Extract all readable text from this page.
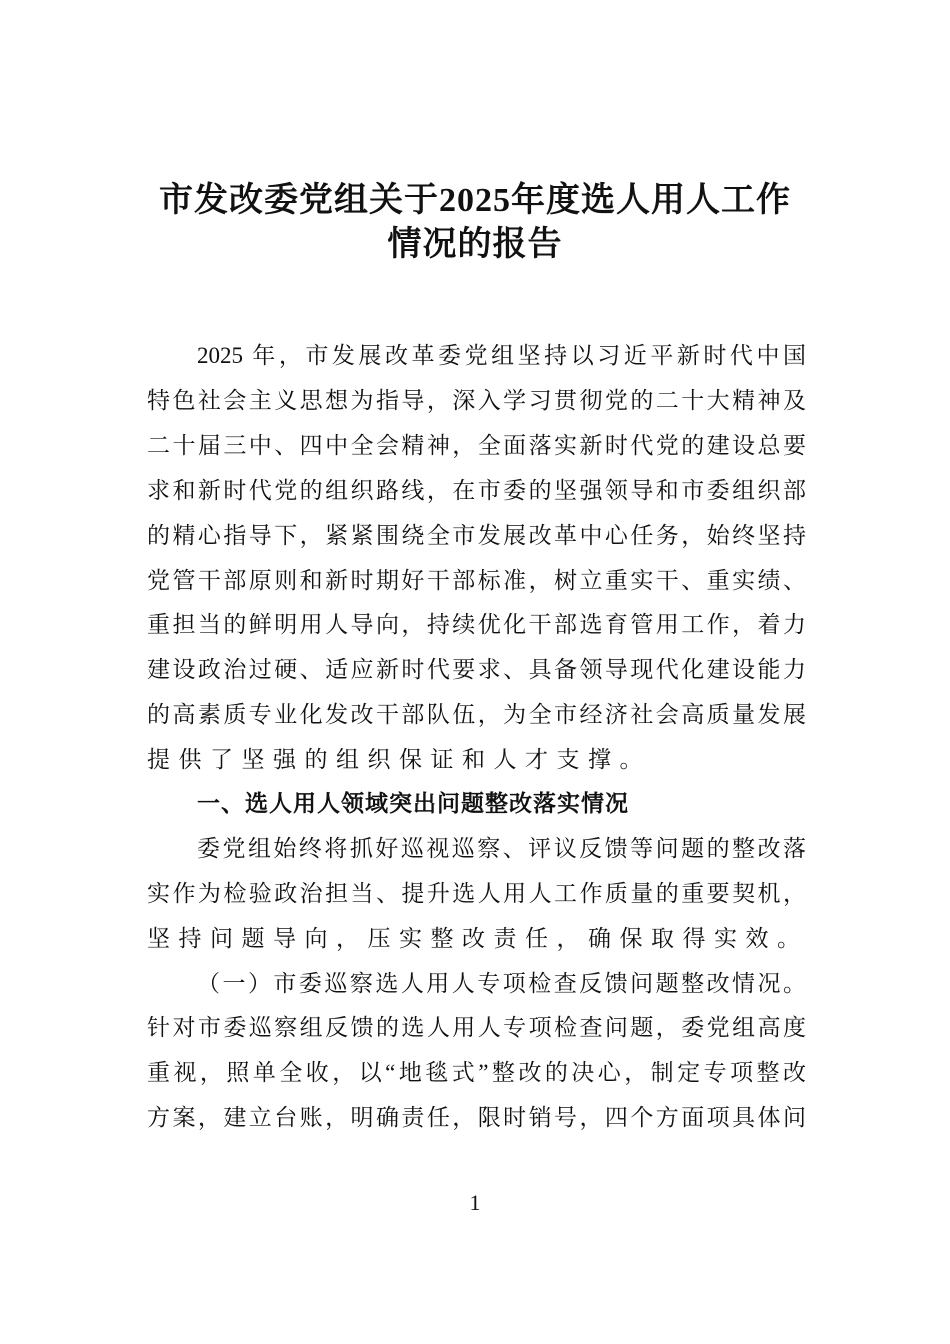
市发改委党组关于2025年度选人用人工作
情况的报告
2025 年，市发展改革委党组坚持以习近平新时代中国
特色社会主义思想为指导，深入学习贯彻党的二十大精神及
二十届三中、四中全会精神，全面落实新时代党的建设总要
求和新时代党的组织路线，在市委的坚强领导和市委组织部
的精心指导下，紧紧围绕全市发展改革中心任务，始终坚持
党管干部原则和新时期好干部标准，树立重实干、重实绩、
重担当的鲜明用人导向，持续优化干部选育管用工作，着力
建设政治过硬、适应新时代要求、具备领导现代化建设能力
的高素质专业化发改干部队伍，为全市经济社会高质量发展
提供了坚强的组织保证和人才支撑。
一、选人用人领域突出问题整改落实情况
委党组始终将抓好巡视巡察、评议反馈等问题的整改落
实作为检验政治担当、提升选人用人工作质量的重要契机，
坚持问题导向，压实整改责任，确保取得实效。
（一）市委巡察选人用人专项检查反馈问题整改情况。
针对市委巡察组反馈的选人用人专项检查问题，委党组高度
重视，照单全收，以“地毯式”整改的决心，制定专项整改
方案，建立台账，明确责任，限时销号，四个方面项具体问
1
